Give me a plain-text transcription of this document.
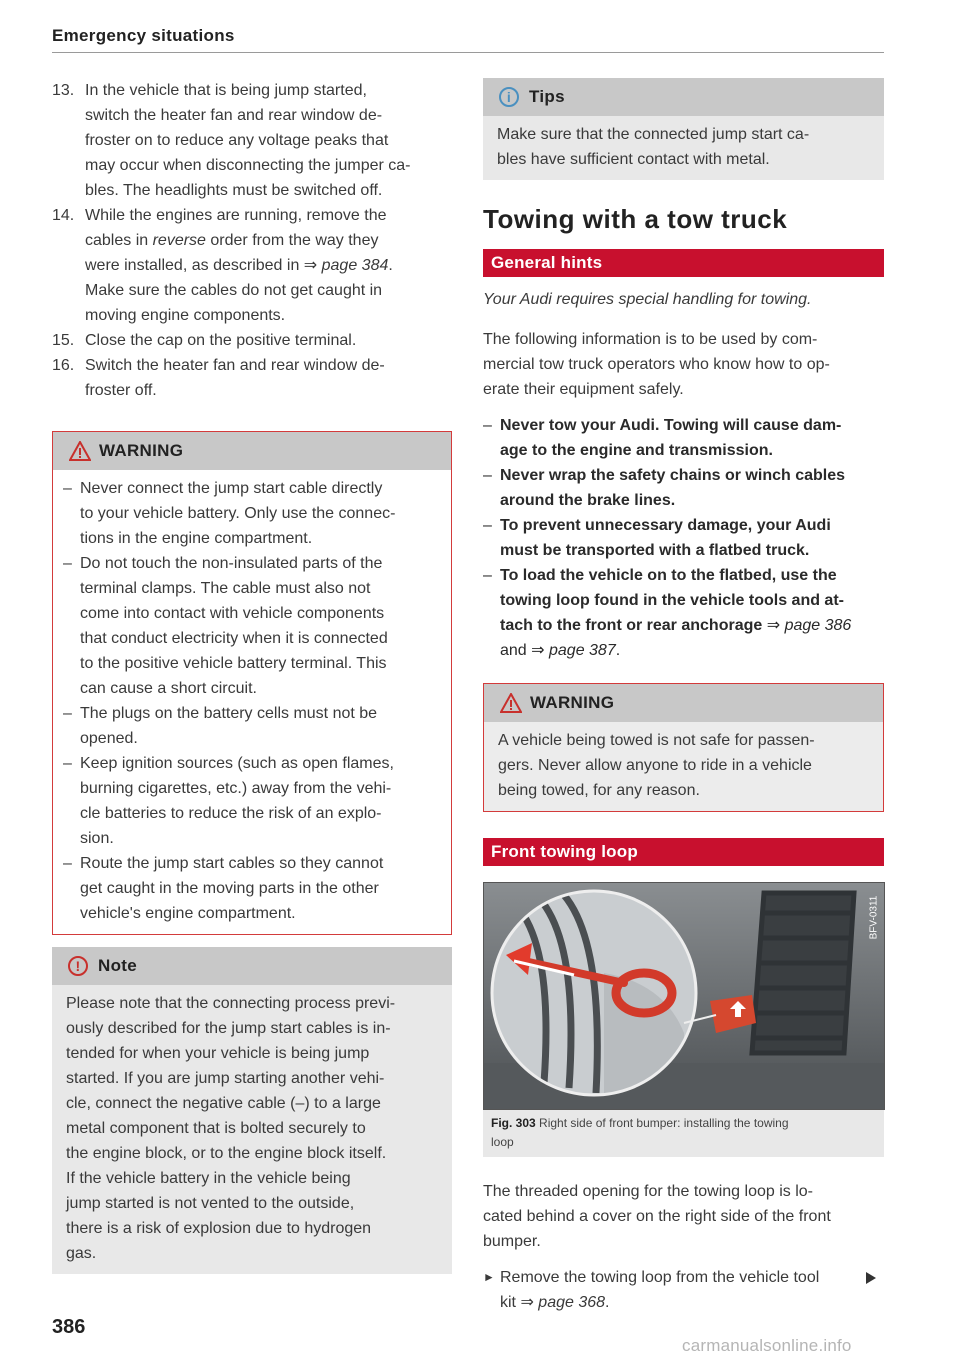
Emergency situations
13. In the vehicle that is being jump started,
switch the heater fan and rear window de-
froster on to reduce any voltage peaks that
may occur when disconnecting the jumper ca-
bles. The headlights must be switched off.
14. While the engines are running, remove the
cables in reverse order from the way they
were installed, as described in ⇒ page 384.
Make sure the cables do not get caught in
moving engine components.
15. Close the cap on the positive terminal.
16. Switch the heater fan and rear window de-
froster off.
WARNING
– Never connect the jump start cable directly
to your vehicle battery. Only use the connec-
tions in the engine compartment.
– Do not touch the non-insulated parts of the
terminal clamps. The cable must also not
come into contact with vehicle components
that conduct electricity when it is connected
to the positive vehicle battery terminal. This
can cause a short circuit.
– The plugs on the battery cells must not be
opened.
– Keep ignition sources (such as open flames,
burning cigarettes, etc.) away from the vehi-
cle batteries to reduce the risk of an explo-
sion.
– Route the jump start cables so they cannot
get caught in the moving parts in the other
vehicle's engine compartment.
!	Note
Please note that the connecting process previ-
ously described for the jump start cables is in-
tended for when your vehicle is being jump
started. If you are jump starting another vehi-
cle, connect the negative cable (–) to a large
metal component that is bolted securely to
the engine block, or to the engine block itself.
If the vehicle battery in the vehicle being
jump started is not vented to the outside,
there is a risk of explosion due to hydrogen
gas.
i	Tips
Make sure that the connected jump start ca-
bles have sufficient contact with metal.
Towing with a tow truck
General hints
Your Audi requires special handling for towing.
The following information is to be used by com-
mercial tow truck operators who know how to op-
erate their equipment safely.
– Never tow your Audi. Towing will cause dam-
age to the engine and transmission.
– Never wrap the safety chains or winch cables
around the brake lines.
– To prevent unnecessary damage, your Audi
must be transported with a flatbed truck.
– To load the vehicle on to the flatbed, use the
towing loop found in the vehicle tools and at-
tach to the front or rear anchorage ⇒ page 386
and ⇒ page 387.
WARNING
A vehicle being towed is not safe for passen-
gers. Never allow anyone to ride in a vehicle
being towed, for any reason.
Front towing loop
BFV-0311
Fig. 303 Right side of front bumper: installing the towing
loop
The threaded opening for the towing loop is lo-
cated behind a cover on the right side of the front
bumper.
► Remove the towing loop from the vehicle tool
kit ⇒ page 368.
386
carmanualsonline.info
